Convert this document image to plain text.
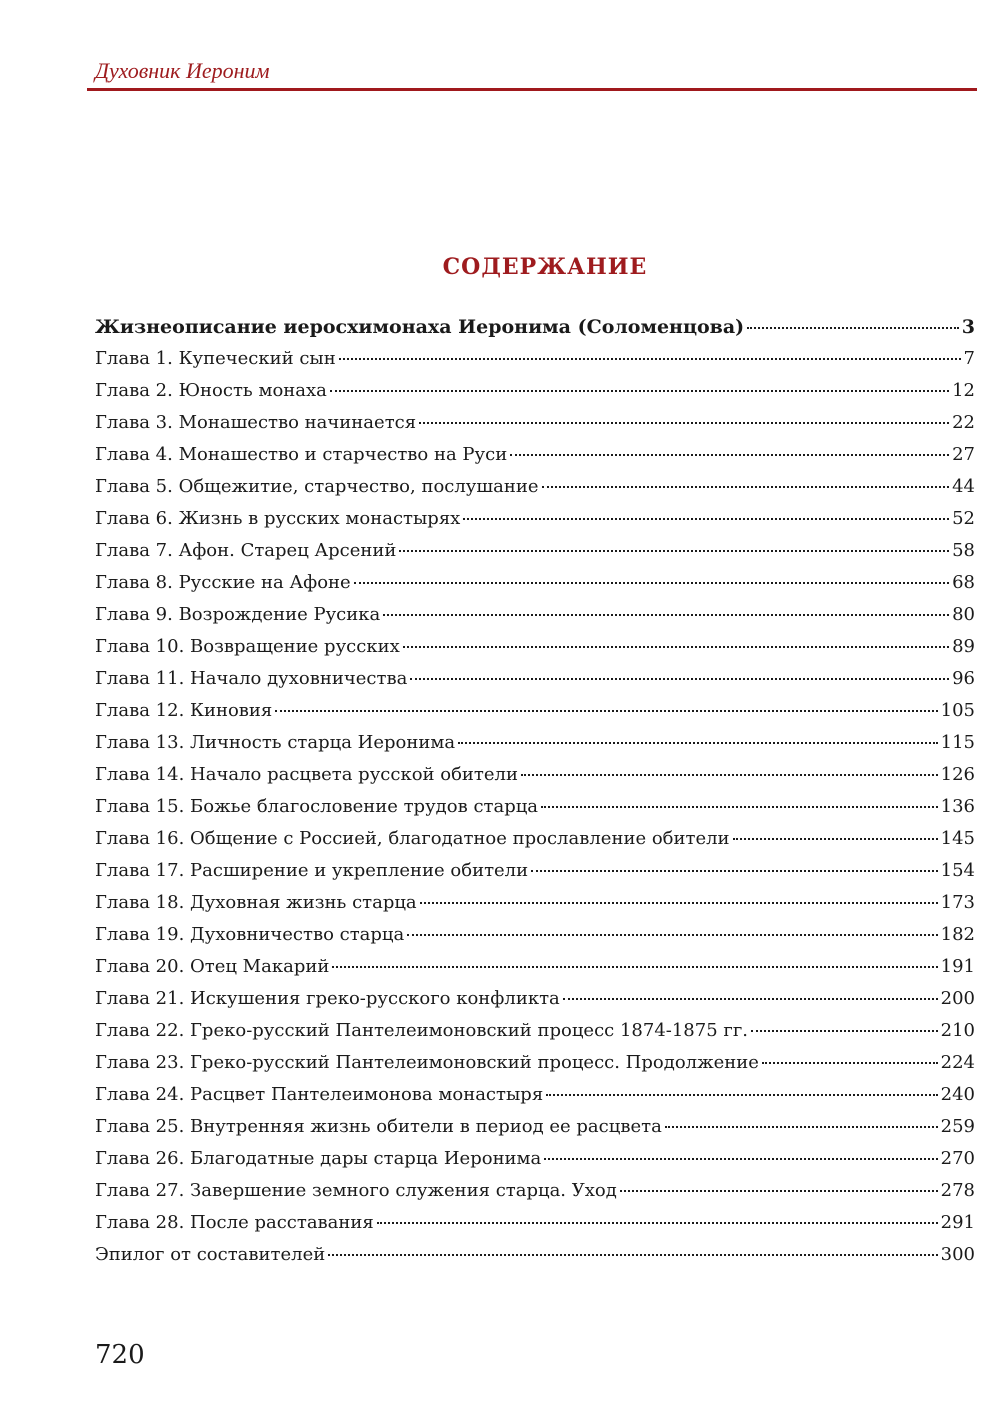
Духовник Иероним
СОДЕРЖАНИЕ
Жизнеописание иеросхимонаха Иеронима (Соломенцова)	3
Глава 1. Купеческий сын	7
Глава 2. Юность монаха	12
Глава 3. Монашество начинается	22
Глава 4. Монашество и старчество на Руси	27
Глава 5. Общежитие, старчество, послушание	44
Глава 6. Жизнь в русских монастырях	52
Глава 7. Афон. Старец Арсений	58
Глава 8. Русские на Афоне	68
Глава 9. Возрождение Русика	80
Глава 10. Возвращение русских	89
Глава 11. Начало духовничества	96
Глава 12. Киновия	105
Глава 13. Личность старца Иеронима	115
Глава 14. Начало расцвета русской обители	126
Глава 15. Божье благословение трудов старца	136
Глава 16. Общение с Россией, благодатное прославление обители	145
Глава 17. Расширение и укрепление обители	154
Глава 18. Духовная жизнь старца	173
Глава 19. Духовничество старца	182
Глава 20. Отец Макарий	191
Глава 21. Искушения греко-русского конфликта	200
Глава 22. Греко-русский Пантелеимоновский процесс 1874-1875 гг.	210
Глава 23. Греко-русский Пантелеимоновский процесс. Продолжение	224
Глава 24. Расцвет Пантелеимонова монастыря	240
Глава 25. Внутренняя жизнь обители в период ее расцвета	259
Глава 26. Благодатные дары старца Иеронима	270
Глава 27. Завершение земного служения старца. Уход	278
Глава 28. После расставания	291
Эпилог от составителей	300
720
